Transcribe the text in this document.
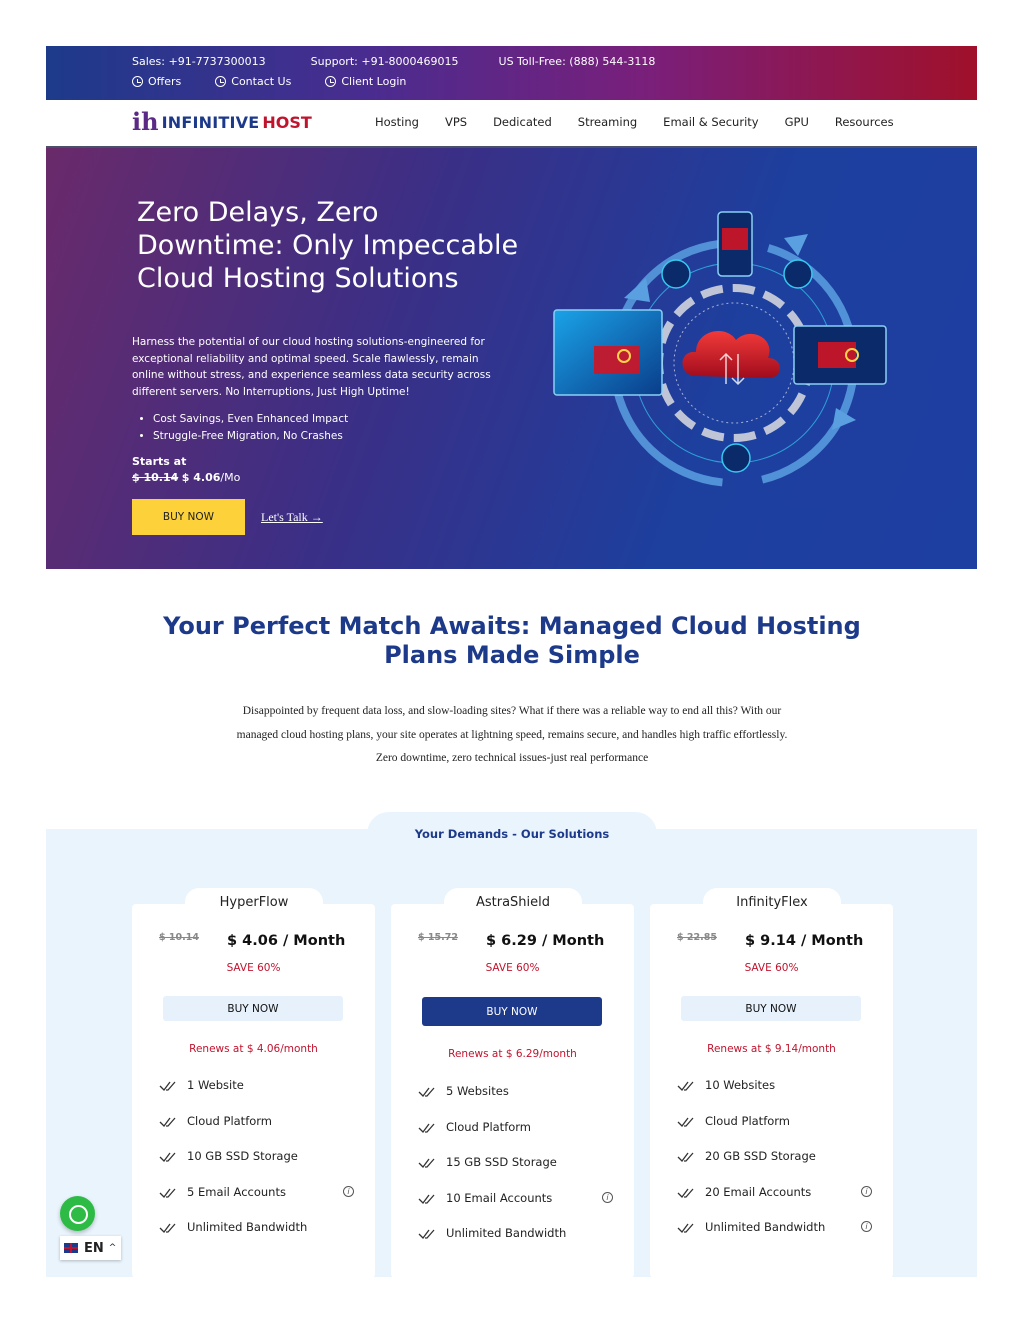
Sales:
+91-7737300013	Support:
+91-8000469015	US Toll-Free:
(888) 544-3118
Offers	Contact Us	Client Login
ih INFINITIVE HOST	Hosting VPS Dedicated Streaming Email & Security GPU Resources
Zero Delays, Zero Downtime: Only Impeccable Cloud Hosting Solutions

Harness the potential of our cloud hosting solutions-engineered for exceptional reliability and optimal speed. Scale flawlessly, remain online without stress, and experience seamless data security across different servers. No Interruptions, Just High Uptime!

• Cost Savings, Even Enhanced Impact
• Struggle-Free Migration, No Crashes
Starts at
$ 10.14 $ 4.06/Mo
BUY NOW	Let's Talk →
Your Perfect Match Awaits: Managed Cloud Hosting Plans Made Simple
Disappointed by frequent data loss, and slow-loading sites? What if there was a reliable way to end all this? With our
managed cloud hosting plans, your site operates at lightning speed, remains secure, and handles high traffic effortlessly.
Zero downtime, zero technical issues-just real performance
Your Demands - Our Solutions
HyperFlow
$ 10.14 $ 4.06 / Month
SAVE 60%
BUY NOW
Renews at $ 4.06/month
1 Website
Cloud Platform
10 GB SSD Storage
5 Email Accounts	i
Unlimited Bandwidth
AstraShield
$ 15.72 $ 6.29 / Month
SAVE 60%
BUY NOW
Renews at $ 6.29/month
5 Websites
Cloud Platform
15 GB SSD Storage
10 Email Accounts	i
Unlimited Bandwidth
InfinityFlex
$ 22.85 $ 9.14 / Month
SAVE 60%
BUY NOW
Renews at $ 9.14/month
10 Websites
Cloud Platform
20 GB SSD Storage
20 Email Accounts	i
Unlimited Bandwidth	i
EN ^
